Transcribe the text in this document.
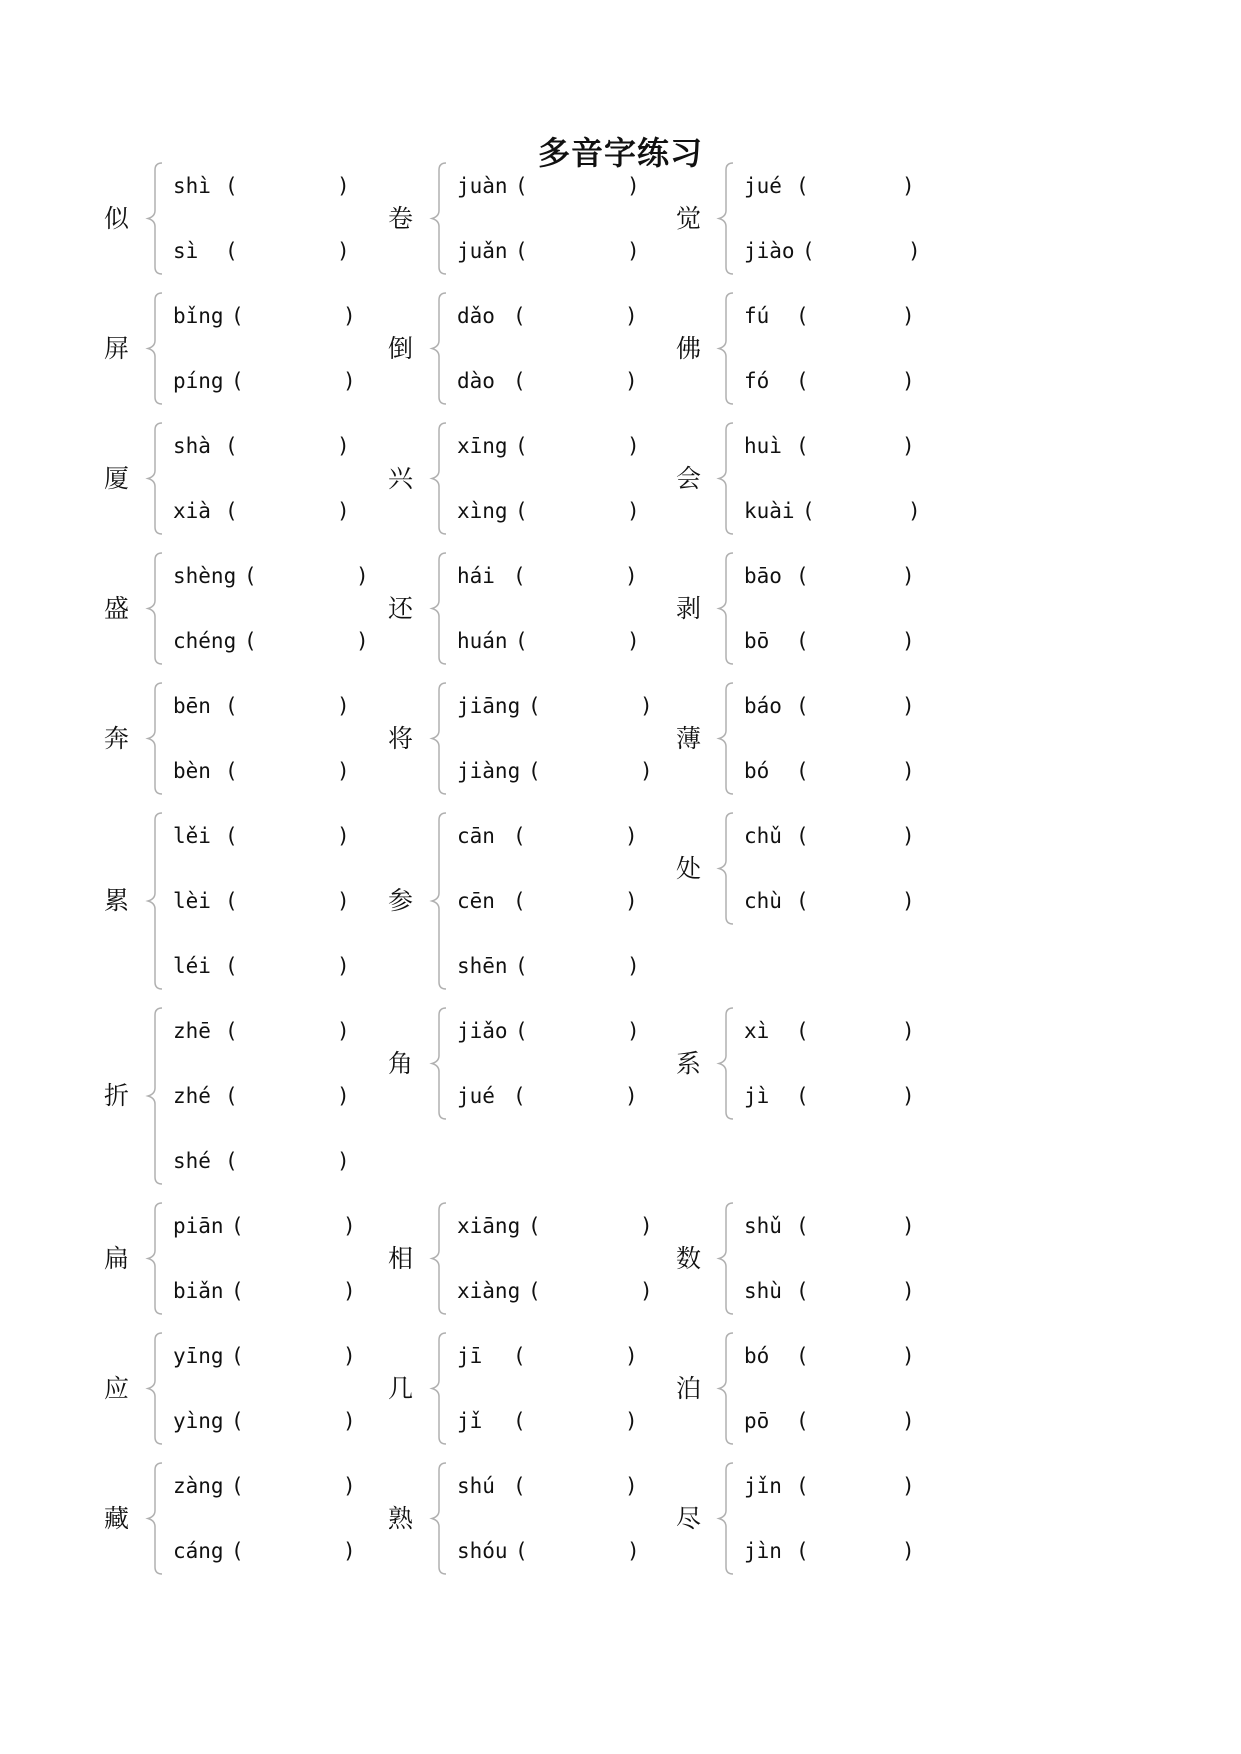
多音字练习
似
shì (	)
sì (	)
卷
juàn (	)
juǎn (	)
觉
jué (	)
jiào (	)
屏
bǐng (	)
píng (	)
倒
dǎo (	)
dào (	)
佛
fú (	)
fó (	)
厦
shà (	)
xià (	)
兴
xīng (	)
xìng (	)
会
huì (	)
kuài (	)
盛
shèng (	)
chéng (	)
还
hái (	)
huán (	)
剥
bāo (	)
bō (	)
奔
bēn (	)
bèn (	)
将
jiāng (	)
jiàng (	)
薄
báo (	)
bó (	)
累
lěi (	)
lèi (	)
léi (	)
参
cān (	)
cēn (	)
shēn (	)
处
chǔ (	)
chù (	)
折
zhē (	)
zhé (	)
shé (	)
角
jiǎo (	)
jué (	)
系
xì (	)
jì (	)
扁
piān (	)
biǎn (	)
相
xiāng (	)
xiàng (	)
数
shǔ (	)
shù (	)
应
yīng (	)
yìng (	)
几
jī (	)
jǐ (	)
泊
bó (	)
pō (	)
藏
zàng (	)
cáng (	)
熟
shú (	)
shóu (	)
尽
jǐn (	)
jìn (	)
